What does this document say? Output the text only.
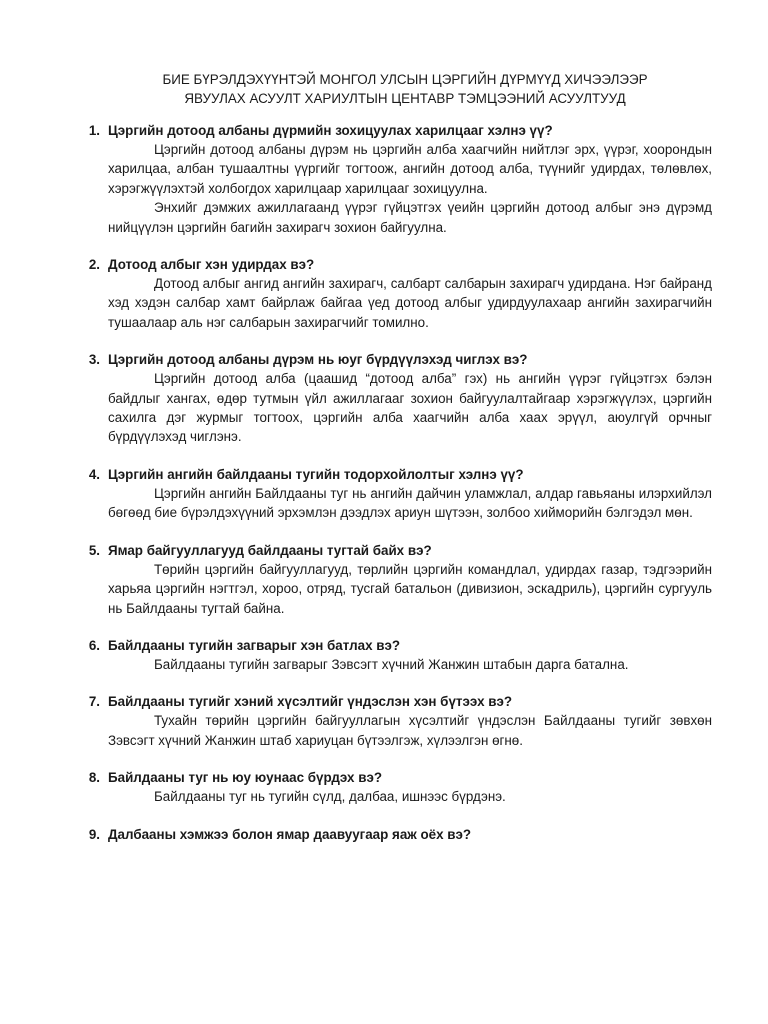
БИЕ БҮРЭЛДЭХҮҮНТЭЙ МОНГОЛ УЛСЫН ЦЭРГИЙН ДҮРМҮҮД ХИЧЭЭЛЭЭР
ЯВУУЛАХ АСУУЛТ ХАРИУЛТЫН ЦЕНТАВР ТЭМЦЭЭНИЙ АСУУЛТУУД
1. Цэргийн дотоод албаны дүрмийн зохицуулах харилцааг хэлнэ үү?

Цэргийн дотоод албаны дүрэм нь цэргийн алба хаагчийн нийтлэг эрх, үүрэг, хоорондын харилцаа, албан тушаалтны үүргийг тогтоож, ангийн дотоод алба, түүнийг удирдах, төлөвлөх, хэрэгжүүлэхтэй холбогдох харилцаар харилцааг зохицуулна.

Энхийг дэмжих ажиллагаанд үүрэг гүйцэтгэх үеийн цэргийн дотоод албыг энэ дүрэмд нийцүүлэн цэргийн багийн захирагч зохион байгуулна.

2. Дотоод албыг хэн удирдах вэ?

Дотоод албыг ангид ангийн захирагч, салбарт салбарын захирагч удирдана. Нэг байранд хэд хэдэн салбар хамт байрлаж байгаа үед дотоод албыг удирдуулахаар ангийн захирагчийн тушаалаар аль нэг салбарын захирагчийг томилно.

3. Цэргийн дотоод албаны дүрэм нь юуг бүрдүүлэхэд чиглэх вэ?

Цэргийн дотоод алба (цаашид “дотоод алба” гэх) нь ангийн үүрэг гүйцэтгэх бэлэн байдлыг хангах, өдөр тутмын үйл ажиллагааг зохион байгуулалтайгаар хэрэгжүүлэх, цэргийн сахилга дэг журмыг тогтоох, цэргийн алба хаагчийн алба хаах эрүүл, аюулгүй орчныг бүрдүүлэхэд чиглэнэ.

4. Цэргийн ангийн байлдааны тугийн тодорхойлолтыг хэлнэ үү?

Цэргийн ангийн Байлдааны туг нь ангийн дайчин уламжлал, алдар гавьяаны илэрхийлэл бөгөөд бие бүрэлдэхүүний эрхэмлэн дээдлэх ариун шүтээн, золбоо хийморийн бэлгэдэл мөн.

5. Ямар байгууллагууд байлдааны тугтай байх вэ?

Төрийн цэргийн байгууллагууд, төрлийн цэргийн командлал, удирдах газар, тэдгээрийн харьяа цэргийн нэгтгэл, хороо, отряд, тусгай батальон (дивизион, эскадриль), цэргийн сургууль нь Байлдааны тугтай байна.

6. Байлдааны тугийн загварыг хэн батлах вэ?

Байлдааны тугийн загварыг Зэвсэгт хүчний Жанжин штабын дарга батална.

7. Байлдааны тугийг хэний хүсэлтийг үндэслэн хэн бүтээх вэ?

Тухайн төрийн цэргийн байгууллагын хүсэлтийг үндэслэн Байлдааны тугийг зөвхөн Зэвсэгт хүчний Жанжин штаб хариуцан бүтээлгэж, хүлээлгэн өгнө.

8. Байлдааны туг нь юу юунаас бүрдэх вэ?

Байлдааны туг нь тугийн сүлд, далбаа, ишнээс бүрдэнэ.

9. Далбааны хэмжээ болон ямар даавуугаар яаж оёх вэ?
